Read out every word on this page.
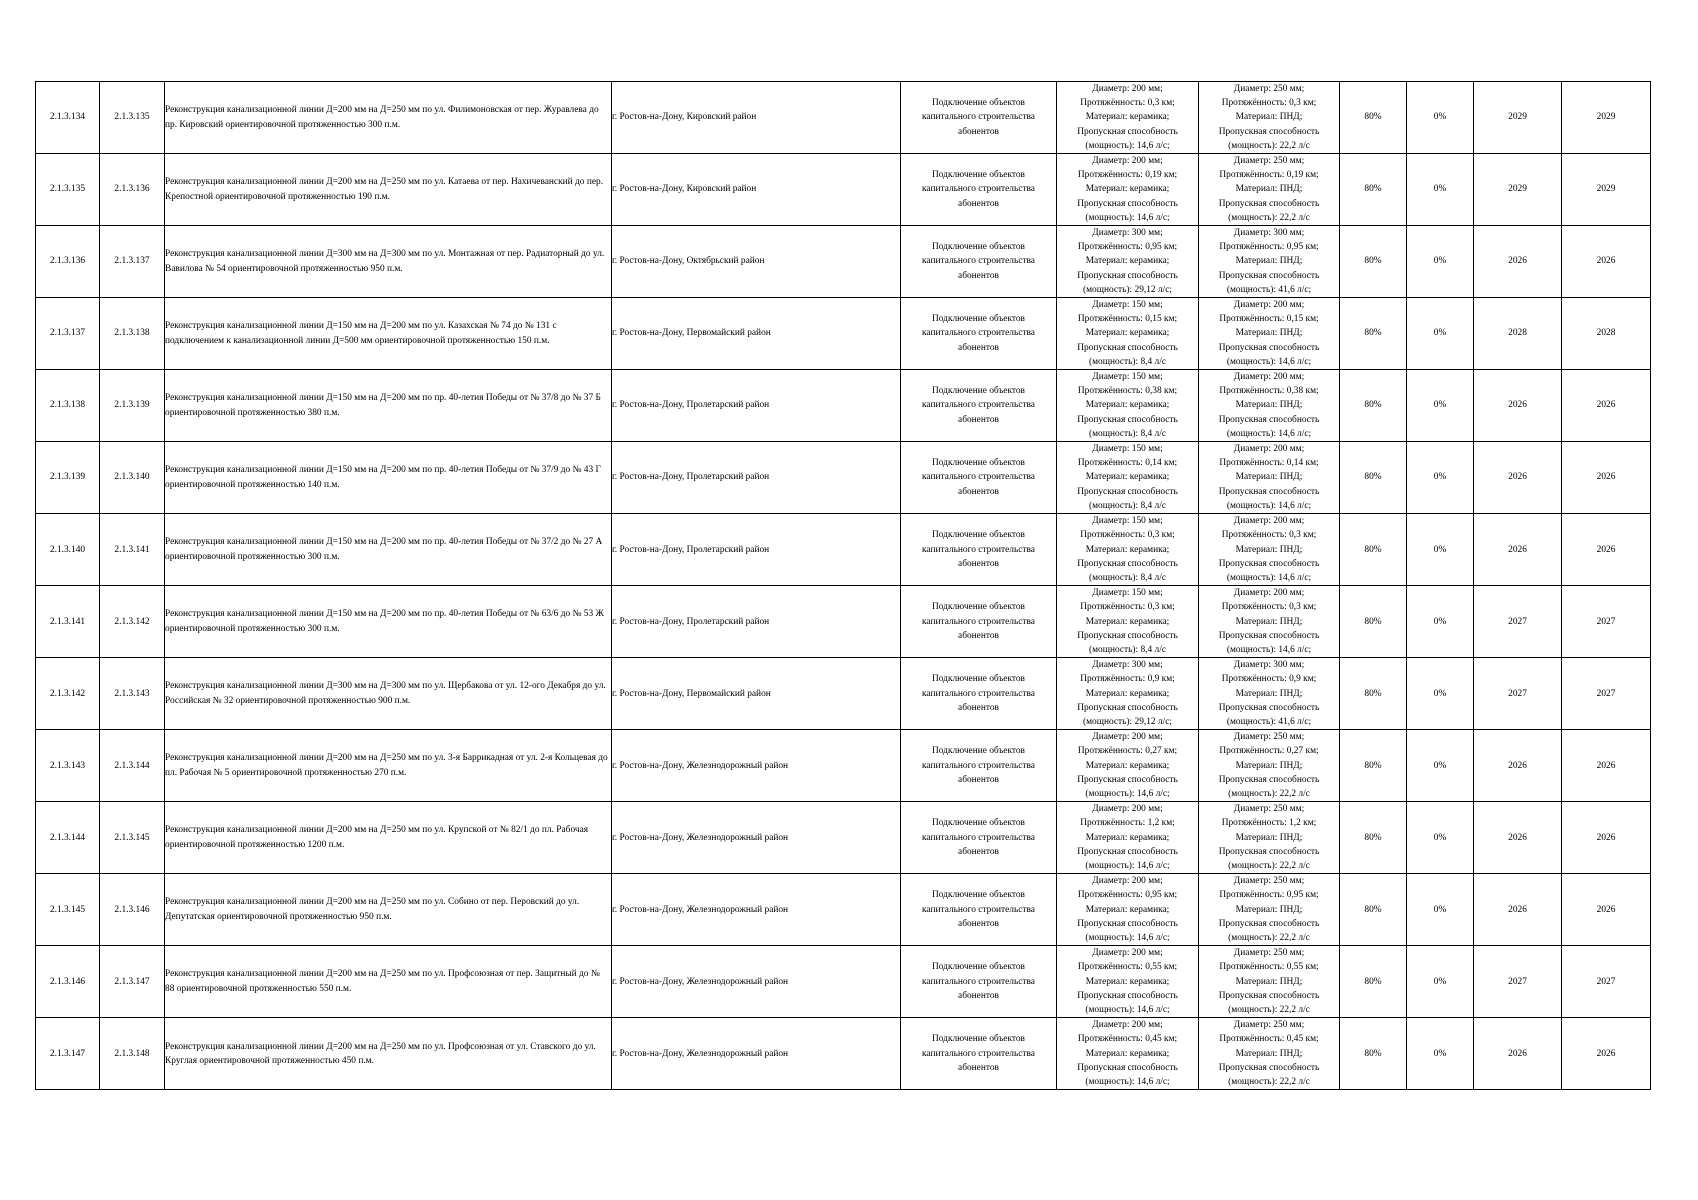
2.1.3.134	2.1.3.135	Реконструкция канализационной линии Д=200 мм на Д=250 мм по ул. Филимоновская от пер. Журавлева до пр. Кировский ориентировочной протяженностью 300 п.м.	г. Ростов-на-Дону, Кировский район	Подключение объектов
капитального строительства
абонентов	Диаметр: 200 мм;
Протяжённость: 0,3 км;
Материал: керамика;
Пропускная способность
(мощность): 14,6 л/с;	Диаметр: 250 мм;
Протяжённость: 0,3 км;
Материал: ПНД;
Пропускная способность
(мощность): 22,2 л/с	80%	0%	2029	2029
2.1.3.135	2.1.3.136	Реконструкция канализационной линии Д=200 мм на Д=250 мм по ул. Катаева от пер. Нахичеванский до пер. Крепостной ориентировочной протяженностью 190 п.м.	г. Ростов-на-Дону, Кировский район	Подключение объектов
капитального строительства
абонентов	Диаметр: 200 мм;
Протяжённость: 0,19 км;
Материал: керамика;
Пропускная способность
(мощность): 14,6 л/с;	Диаметр: 250 мм;
Протяжённость: 0,19 км;
Материал: ПНД;
Пропускная способность
(мощность): 22,2 л/с	80%	0%	2029	2029
2.1.3.136	2.1.3.137	Реконструкция канализационной линии Д=300 мм на Д=300 мм по ул. Монтажная от пер. Радиаторный до ул. Вавилова № 54 ориентировочной протяженностью 950 п.м.	г. Ростов-на-Дону, Октябрьский район	Подключение объектов
капитального строительства
абонентов	Диаметр: 300 мм;
Протяжённость: 0,95 км;
Материал: керамика;
Пропускная способность
(мощность): 29,12 л/с;	Диаметр: 300 мм;
Протяжённость: 0,95 км;
Материал: ПНД;
Пропускная способность
(мощность): 41,6 л/с;	80%	0%	2026	2026
2.1.3.137	2.1.3.138	Реконструкция канализационной линии Д=150 мм на Д=200 мм по ул. Казахская № 74 до № 131 с подключением к канализационной линии Д=500 мм ориентировочной протяженностью 150 п.м.	г. Ростов-на-Дону, Первомайский район	Подключение объектов
капитального строительства
абонентов	Диаметр: 150 мм;
Протяжённость: 0,15 км;
Материал: керамика;
Пропускная способность
(мощность): 8,4 л/с	Диаметр: 200 мм;
Протяжённость: 0,15 км;
Материал: ПНД;
Пропускная способность
(мощность): 14,6 л/с;	80%	0%	2028	2028
2.1.3.138	2.1.3.139	Реконструкция канализационной линии Д=150 мм на Д=200 мм по пр. 40-летия Победы от № 37/8 до № 37 Б ориентировочной протяженностью 380 п.м.	г. Ростов-на-Дону, Пролетарский район	Подключение объектов
капитального строительства
абонентов	Диаметр: 150 мм;
Протяжённость: 0,38 км;
Материал: керамика;
Пропускная способность
(мощность): 8,4 л/с	Диаметр: 200 мм;
Протяжённость: 0,38 км;
Материал: ПНД;
Пропускная способность
(мощность): 14,6 л/с;	80%	0%	2026	2026
2.1.3.139	2.1.3.140	Реконструкция канализационной линии Д=150 мм на Д=200 мм по пр. 40-летия Победы от № 37/9 до № 43 Г ориентировочной протяженностью 140 п.м.	г. Ростов-на-Дону, Пролетарский район	Подключение объектов
капитального строительства
абонентов	Диаметр: 150 мм;
Протяжённость: 0,14 км;
Материал: керамика;
Пропускная способность
(мощность): 8,4 л/с	Диаметр: 200 мм;
Протяжённость: 0,14 км;
Материал: ПНД;
Пропускная способность
(мощность): 14,6 л/с;	80%	0%	2026	2026
2.1.3.140	2.1.3.141	Реконструкция канализационной линии Д=150 мм на Д=200 мм по пр. 40-летия Победы от № 37/2 до № 27 А ориентировочной протяженностью 300 п.м.	г. Ростов-на-Дону, Пролетарский район	Подключение объектов
капитального строительства
абонентов	Диаметр: 150 мм;
Протяжённость: 0,3 км;
Материал: керамика;
Пропускная способность
(мощность): 8,4 л/с	Диаметр: 200 мм;
Протяжённость: 0,3 км;
Материал: ПНД;
Пропускная способность
(мощность): 14,6 л/с;	80%	0%	2026	2026
2.1.3.141	2.1.3.142	Реконструкция канализационной линии Д=150 мм на Д=200 мм по пр. 40-летия Победы от № 63/6 до № 53 Ж ориентировочной протяженностью 300 п.м.	г. Ростов-на-Дону, Пролетарский район	Подключение объектов
капитального строительства
абонентов	Диаметр: 150 мм;
Протяжённость: 0,3 км;
Материал: керамика;
Пропускная способность
(мощность): 8,4 л/с	Диаметр: 200 мм;
Протяжённость: 0,3 км;
Материал: ПНД;
Пропускная способность
(мощность): 14,6 л/с;	80%	0%	2027	2027
2.1.3.142	2.1.3.143	Реконструкция канализационной линии Д=300 мм на Д=300 мм по ул. Щербакова от ул. 12-ого Декабря до ул. Российская № 32 ориентировочной протяженностью 900 п.м.	г. Ростов-на-Дону, Первомайский район	Подключение объектов
капитального строительства
абонентов	Диаметр: 300 мм;
Протяжённость: 0,9 км;
Материал: керамика;
Пропускная способность
(мощность): 29,12 л/с;	Диаметр: 300 мм;
Протяжённость: 0,9 км;
Материал: ПНД;
Пропускная способность
(мощность): 41,6 л/с;	80%	0%	2027	2027
2.1.3.143	2.1.3.144	Реконструкция канализационной линии Д=200 мм на Д=250 мм по ул. 3-я Баррикадная от ул. 2-я Кольцевая до пл. Рабочая № 5 ориентировочной протяженностью 270 п.м.	г. Ростов-на-Дону, Железнодорожный район	Подключение объектов
капитального строительства
абонентов	Диаметр: 200 мм;
Протяжённость: 0,27 км;
Материал: керамика;
Пропускная способность
(мощность): 14,6 л/с;	Диаметр: 250 мм;
Протяжённость: 0,27 км;
Материал: ПНД;
Пропускная способность
(мощность): 22,2 л/с	80%	0%	2026	2026
2.1.3.144	2.1.3.145	Реконструкция канализационной линии Д=200 мм на Д=250 мм по ул. Крупской от № 82/1 до пл. Рабочая ориентировочной протяженностью 1200 п.м.	г. Ростов-на-Дону, Железнодорожный район	Подключение объектов
капитального строительства
абонентов	Диаметр: 200 мм;
Протяжённость: 1,2 км;
Материал: керамика;
Пропускная способность
(мощность): 14,6 л/с;	Диаметр: 250 мм;
Протяжённость: 1,2 км;
Материал: ПНД;
Пропускная способность
(мощность): 22,2 л/с	80%	0%	2026	2026
2.1.3.145	2.1.3.146	Реконструкция канализационной линии Д=200 мм на Д=250 мм по ул. Собино от пер. Перовский до ул. Депутатская ориентировочной протяженностью 950 п.м.	г. Ростов-на-Дону, Железнодорожный район	Подключение объектов
капитального строительства
абонентов	Диаметр: 200 мм;
Протяжённость: 0,95 км;
Материал: керамика;
Пропускная способность
(мощность): 14,6 л/с;	Диаметр: 250 мм;
Протяжённость: 0,95 км;
Материал: ПНД;
Пропускная способность
(мощность): 22,2 л/с	80%	0%	2026	2026
2.1.3.146	2.1.3.147	Реконструкция канализационной линии Д=200 мм на Д=250 мм по ул. Профсоюзная от пер. Защитный до № 88 ориентировочной протяженностью 550 п.м.	г. Ростов-на-Дону, Железнодорожный район	Подключение объектов
капитального строительства
абонентов	Диаметр: 200 мм;
Протяжённость: 0,55 км;
Материал: керамика;
Пропускная способность
(мощность): 14,6 л/с;	Диаметр: 250 мм;
Протяжённость: 0,55 км;
Материал: ПНД;
Пропускная способность
(мощность): 22,2 л/с	80%	0%	2027	2027
2.1.3.147	2.1.3.148	Реконструкция канализационной линии Д=200 мм на Д=250 мм по ул. Профсоюзная от ул. Ставского до ул. Круглая ориентировочной протяженностью 450 п.м.	г. Ростов-на-Дону, Железнодорожный район	Подключение объектов
капитального строительства
абонентов	Диаметр: 200 мм;
Протяжённость: 0,45 км;
Материал: керамика;
Пропускная способность
(мощность): 14,6 л/с;	Диаметр: 250 мм;
Протяжённость: 0,45 км;
Материал: ПНД;
Пропускная способность
(мощность): 22,2 л/с	80%	0%	2026	2026
